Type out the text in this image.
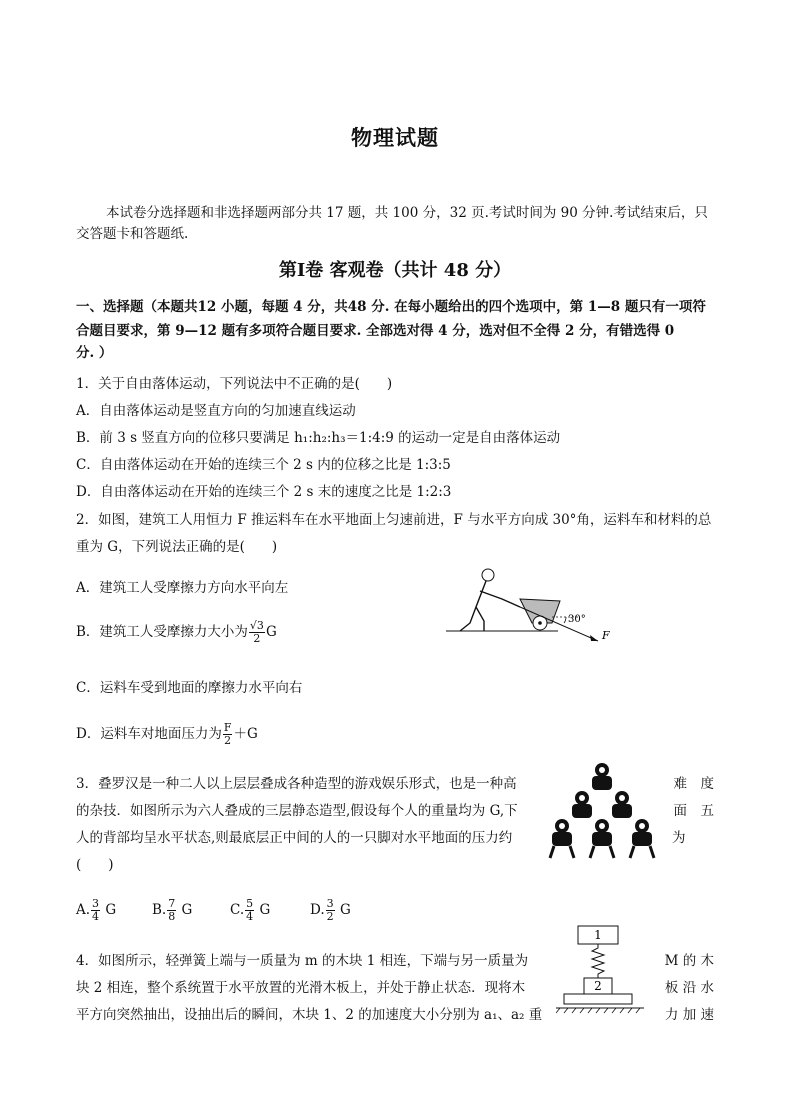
物理试题
本试卷分选择题和非选择题两部分共 17 题，共 100 分，32 页.考试时间为 90 分钟.考试结束后，只
交答题卡和答题纸.
第Ⅰ卷 客观卷（共计 48 分）
一、选择题（本题共12 小题，每题 4 分，共48 分. 在每小题给出的四个选项中，第 1—8 题只有一项符
合题目要求，第 9—12 题有多项符合题目要求. 全部选对得 4 分，选对但不全得 2 分，有错选得 0
分. ）
1．关于自由落体运动，下列说法中不正确的是(　　)
A．自由落体运动是竖直方向的匀加速直线运动
B．前 3 s 竖直方向的位移只要满足 h₁:h₂:h₃＝1:4:9 的运动一定是自由落体运动
C．自由落体运动在开始的连续三个 2 s 内的位移之比是 1:3:5
D．自由落体运动在开始的连续三个 2 s 末的速度之比是 1:2:3
2．如图，建筑工人用恒力 F 推运料车在水平地面上匀速前进，F 与水平方向成 30°角，运料车和材料的总
重为 G，下列说法正确的是(　　)
A．建筑工人受摩擦力方向水平向左
B．建筑工人受摩擦力大小为 $\frac{√3}{2}$ G
C．运料车受到地面的摩擦力水平向右
D．运料车对地面压力为 $\frac{F}{2} +G$
30°
F
3．叠罗汉是一种二人以上层层叠成各种造型的游戏娱乐形式，也是一种高	难　度
的杂技．如图所示为六人叠成的三层静态造型,假设每个人的重量均为 G,下	面　五
人的背部均呈水平状态,则最底层正中间的人的一只脚对水平地面的压力约	为
(　　)
A. $\frac{3}{4}$ G	B. $\frac{7}{8}$ G	C. $\frac{5}{4}$ G	D. $\frac{3}{2}$ G
4．如图所示，轻弹簧上端与一质量为 m 的木块 1 相连，下端与另一质量为	M 的 木
块 2 相连，整个系统置于水平放置的光滑木板上，并处于静止状态．现将木	板 沿 水
平方向突然抽出，设抽出后的瞬间，木块 1、2 的加速度大小分别为 a₁、a₂ 重	力 加 速
1
2
